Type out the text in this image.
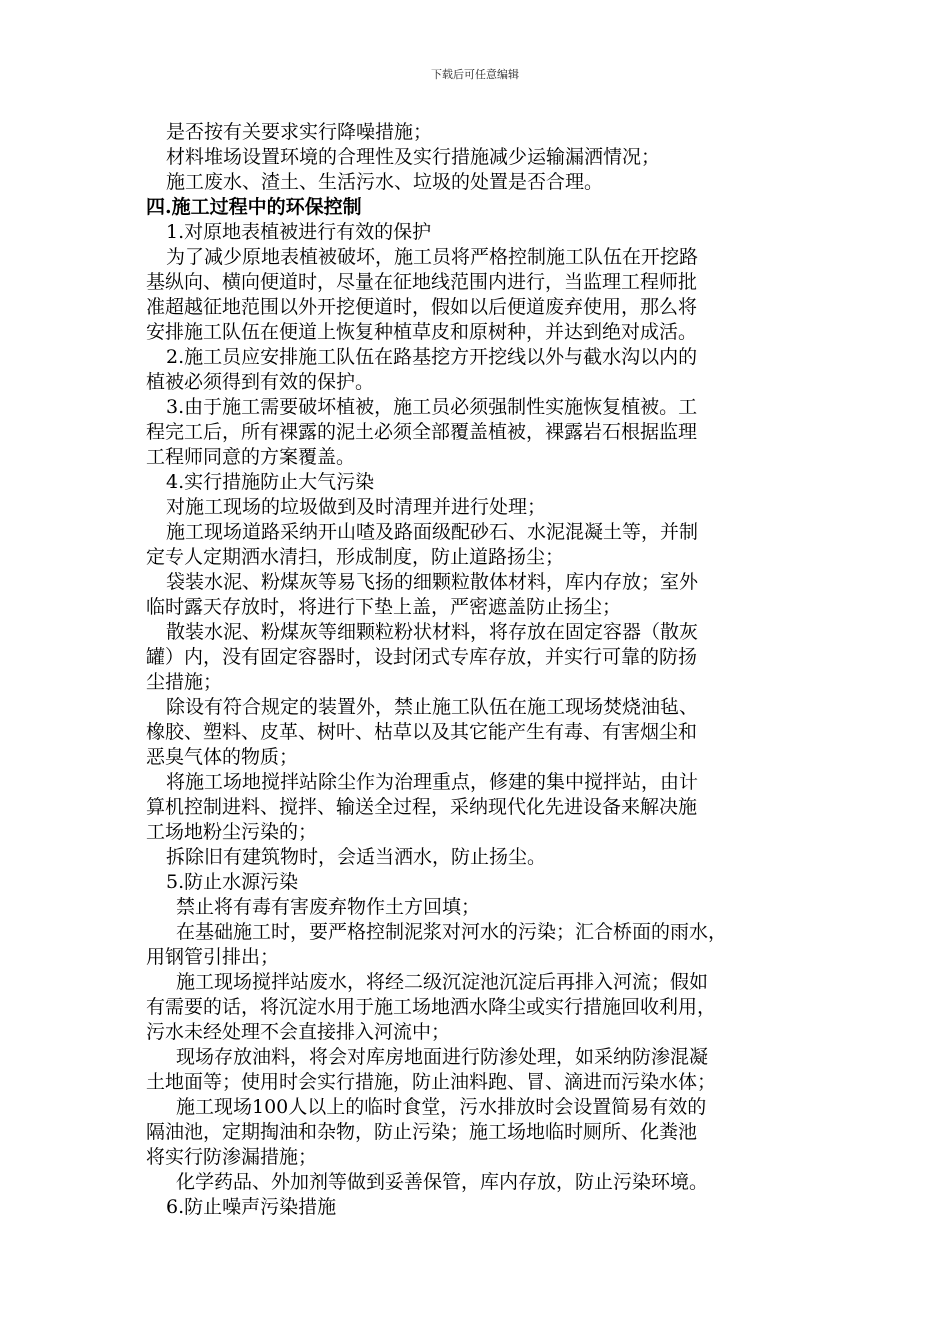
下载后可任意编辑

是否按有关要求实行降噪措施；

材料堆场设置环境的合理性及实行措施减少运输漏洒情况；

施工废水、渣土、生活污水、垃圾的处置是否合理。

四.施工过程中的环保控制

1.对原地表植被进行有效的保护

为了减少原地表植被破坏，施工员将严格控制施工队伍在开挖路

基纵向、横向便道时，尽量在征地线范围内进行，当监理工程师批

准超越征地范围以外开挖便道时，假如以后便道废弃使用，那么将

安排施工队伍在便道上恢复种植草皮和原树种，并达到绝对成活。

2.施工员应安排施工队伍在路基挖方开挖线以外与截水沟以内的

植被必须得到有效的保护。

3.由于施工需要破坏植被，施工员必须强制性实施恢复植被。工

程完工后，所有裸露的泥土必须全部覆盖植被，裸露岩石根据监理

工程师同意的方案覆盖。

4.实行措施防止大气污染

对施工现场的垃圾做到及时清理并进行处理；

施工现场道路采纳开山喳及路面级配砂石、水泥混凝土等，并制

定专人定期洒水清扫，形成制度，防止道路扬尘；

袋装水泥、粉煤灰等易飞扬的细颗粒散体材料，库内存放；室外

临时露天存放时，将进行下垫上盖，严密遮盖防止扬尘；

散装水泥、粉煤灰等细颗粒粉状材料，将存放在固定容器（散灰

罐）内，没有固定容器时，设封闭式专库存放，并实行可靠的防扬

尘措施；

除设有符合规定的装置外，禁止施工队伍在施工现场焚烧油毡、

橡胶、塑料、皮革、树叶、枯草以及其它能产生有毒、有害烟尘和

恶臭气体的物质；

将施工场地搅拌站除尘作为治理重点，修建的集中搅拌站，由计

算机控制进料、搅拌、输送全过程，采纳现代化先进设备来解决施

工场地粉尘污染的；

拆除旧有建筑物时，会适当洒水，防止扬尘。

5.防止水源污染

禁止将有毒有害废弃物作土方回填；

在基础施工时，要严格控制泥浆对河水的污染；汇合桥面的雨水，

用钢管引排出；

施工现场搅拌站废水，将经二级沉淀池沉淀后再排入河流；假如

有需要的话，将沉淀水用于施工场地洒水降尘或实行措施回收利用，

污水未经处理不会直接排入河流中；

现场存放油料，将会对库房地面进行防渗处理，如采纳防渗混凝

土地面等；使用时会实行措施，防止油料跑、冒、滴进而污染水体；

施工现场100人以上的临时食堂，污水排放时会设置简易有效的

隔油池，定期掏油和杂物，防止污染；施工场地临时厕所、化粪池

将实行防渗漏措施；

化学药品、外加剂等做到妥善保管，库内存放，防止污染环境。

6.防止噪声污染措施
